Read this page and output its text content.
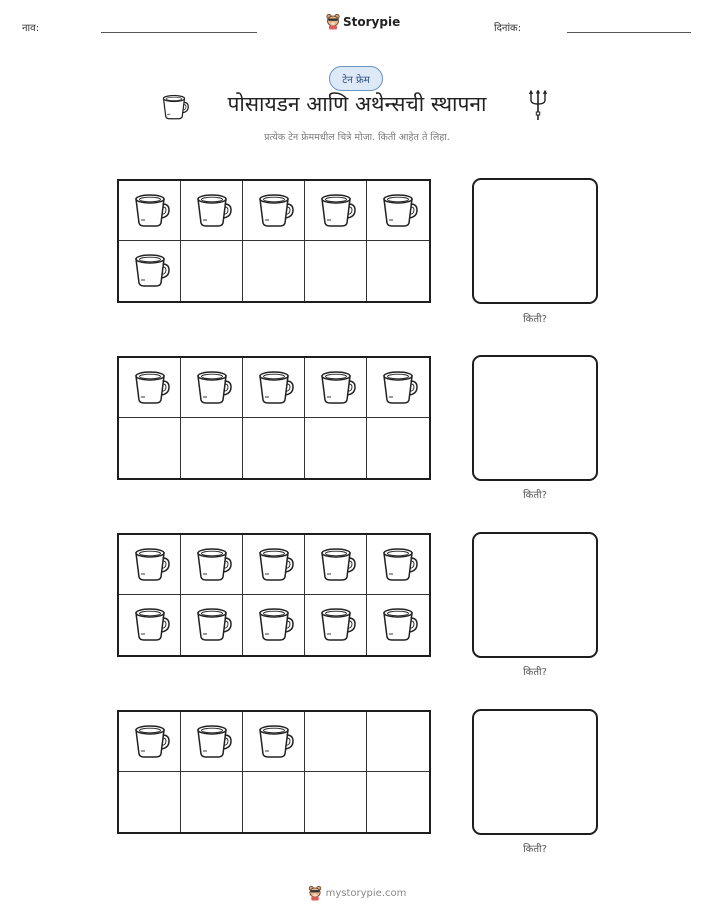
नाव:	Storypie	दिनांक:
टेन फ्रेम
पोसायडन आणि अथेन्सची स्थापना
प्रत्येक टेन फ्रेममधील चित्रे मोजा. किती आहेत ते लिहा.
किती?
किती?
किती?
किती?
mystorypie.com
